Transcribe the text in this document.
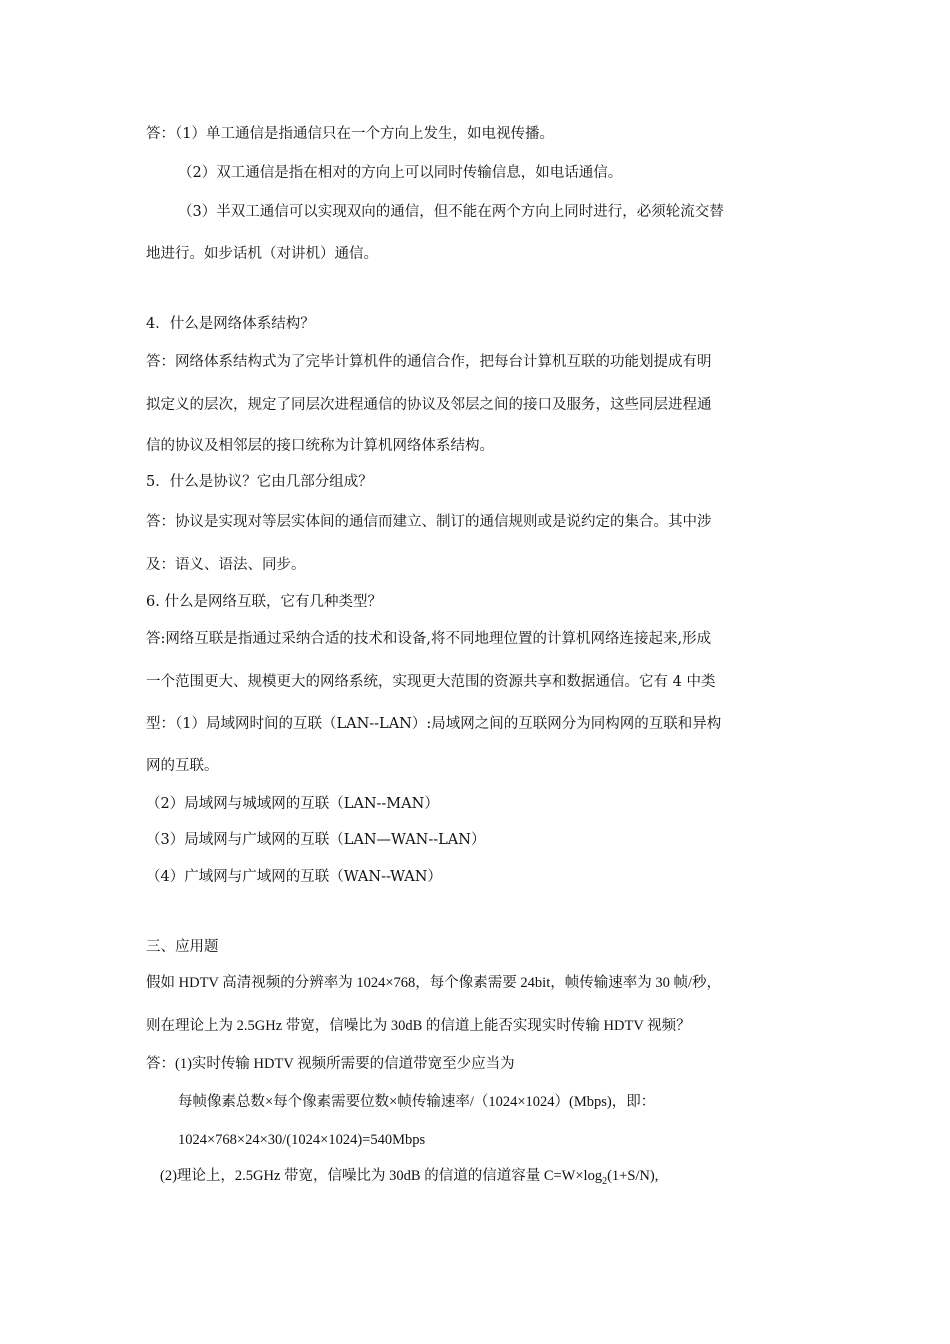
答：（1）单工通信是指通信只在一个方向上发生，如电视传播。
（2）双工通信是指在相对的方向上可以同时传输信息，如电话通信。
（3）半双工通信可以实现双向的通信，但不能在两个方向上同时进行，必须轮流交替
地进行。如步话机（对讲机）通信。
4．什么是网络体系结构？
答：网络体系结构式为了完毕计算机件的通信合作，把每台计算机互联的功能划提成有明
拟定义的层次，规定了同层次进程通信的协议及邻层之间的接口及服务，这些同层进程通
信的协议及相邻层的接口统称为计算机网络体系结构。
5．什么是协议？它由几部分组成？
答：协议是实现对等层实体间的通信而建立、制订的通信规则或是说约定的集合。其中涉
及：语义、语法、同步。
6. 什么是网络互联，它有几种类型？
答:网络互联是指通过采纳合适的技术和设备,将不同地理位置的计算机网络连接起来,形成
一个范围更大、规模更大的网络系统，实现更大范围的资源共享和数据通信。它有 4 中类
型：（1）局域网时间的互联（LAN--LAN）:局域网之间的互联网分为同构网的互联和异构
网的互联。
（2）局域网与城域网的互联（LAN--MAN）
（3）局域网与广域网的互联（LAN—WAN--LAN）
（4）广域网与广域网的互联（WAN--WAN）
三、应用题
假如 HDTV 高清视频的分辨率为 1024×768，每个像素需要 24bit，帧传输速率为 30 帧/秒，
则在理论上为 2.5GHz 带宽，信噪比为 30dB 的信道上能否实现实时传输 HDTV 视频？
答：(1)实时传输 HDTV 视频所需要的信道带宽至少应当为
每帧像素总数×每个像素需要位数×帧传输速率/（1024×1024）(Mbps)，即：
1024×768×24×30/(1024×1024)=540Mbps
(2)理论上，2.5GHz 带宽，信噪比为 30dB 的信道的信道容量 $C=W\times\log_2(1+S/N)$,
